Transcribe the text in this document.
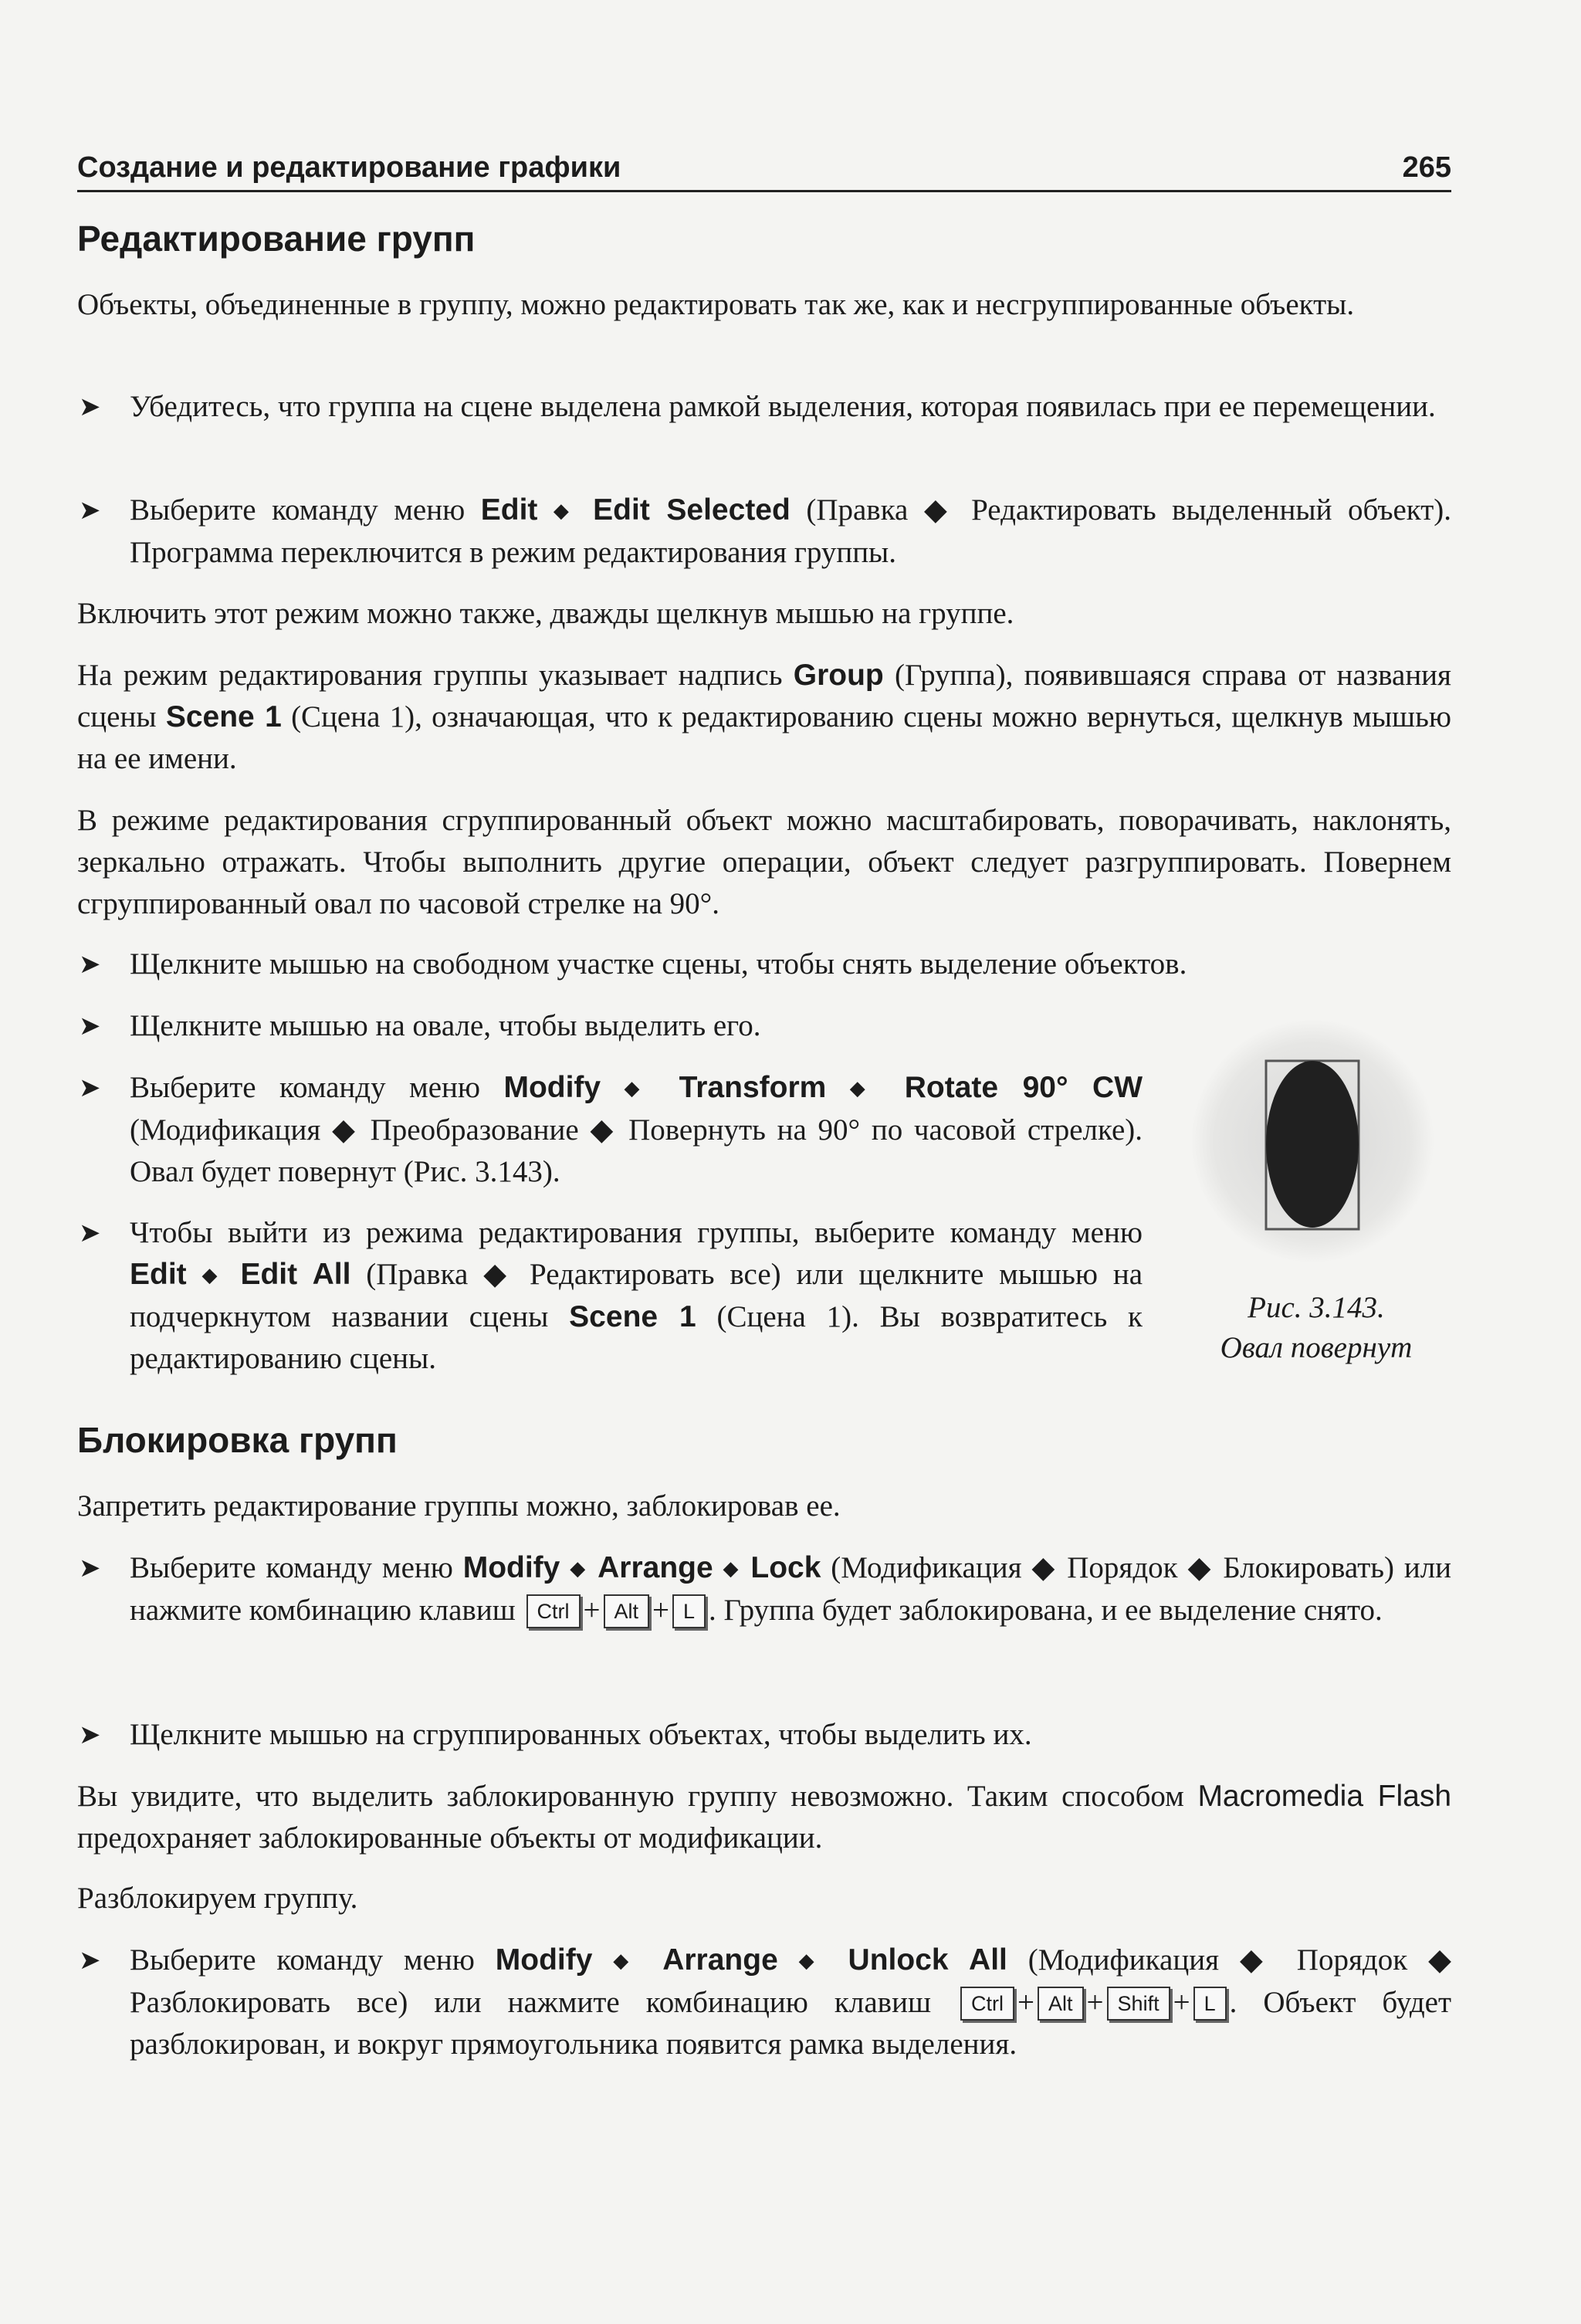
Создание и редактирование графики	265
Редактирование групп
Объекты, объединенные в группу, можно редактировать так же, как и несгруппированные объекты.
➤ Убедитесь, что группа на сцене выделена рамкой выделения, которая появилась при ее перемещении.
➤ Выберите команду меню Edit ◆ Edit Selected (Правка ◆ Редактировать выделенный объект). Программа переключится в режим редактирования группы.
Включить этот режим можно также, дважды щелкнув мышью на группе.
На режим редактирования группы указывает надпись Group (Группа), появившаяся справа от названия сцены Scene 1 (Сцена 1), означающая, что к редактированию сцены можно вернуться, щелкнув мышью на ее имени.
В режиме редактирования сгруппированный объект можно масштабировать, поворачивать, наклонять, зеркально отражать. Чтобы выполнить другие операции, объект следует разгруппировать. Повернем сгруппированный овал по часовой стрелке на 90°.
➤ Щелкните мышью на свободном участке сцены, чтобы снять выделение объектов.
➤ Щелкните мышью на овале, чтобы выделить его.
➤ Выберите команду меню Modify ◆ Transform ◆ Rotate 90° CW (Модификация ◆ Преобразование ◆ Повернуть на 90° по часовой стрелке). Овал будет повернут (Рис. 3.143).
➤ Чтобы выйти из режима редактирования группы, выберите команду меню Edit ◆ Edit All (Правка ◆ Редактировать все) или щелкните мышью на подчеркнутом названии сцены Scene 1 (Сцена 1). Вы возвратитесь к редактированию сцены.
Рис. 3.143.
Овал повернут
Блокировка групп
Запретить редактирование группы можно, заблокировав ее.
➤ Выберите команду меню Modify ◆ Arrange ◆ Lock (Модификация ◆ Порядок ◆ Блокировать) или нажмите комбинацию клавиш Ctrl + Alt + L . Группа будет заблокирована, и ее выделение снято.
➤ Щелкните мышью на сгруппированных объектах, чтобы выделить их.
Вы увидите, что выделить заблокированную группу невозможно. Таким способом Macromedia Flash предохраняет заблокированные объекты от модификации.
Разблокируем группу.
➤ Выберите команду меню Modify ◆ Arrange ◆ Unlock All (Модификация ◆ Порядок ◆ Разблокировать все) или нажмите комбинацию клавиш Ctrl + Alt + Shift + L . Объект будет разблокирован, и вокруг прямоугольника появится рамка выделения.
